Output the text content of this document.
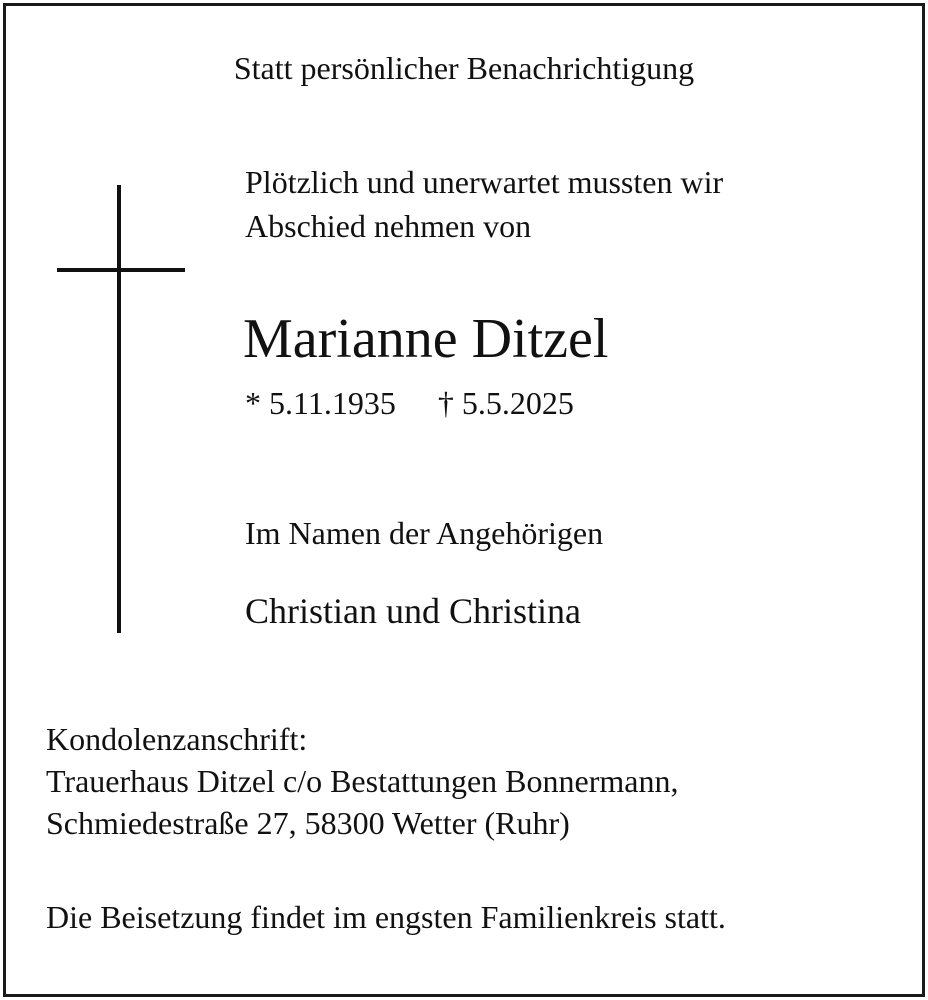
Statt persönlicher Benachrichtigung
Plötzlich und unerwartet mussten wir
Abschied nehmen von
Marianne Ditzel
* 5.11.1935 † 5.5.2025
Im Namen der Angehörigen
Christian und Christina
Kondolenzanschrift:
Trauerhaus Ditzel c/o Bestattungen Bonnermann,
Schmiedestraße 27, 58300 Wetter (Ruhr)
Die Beisetzung findet im engsten Familienkreis statt.
